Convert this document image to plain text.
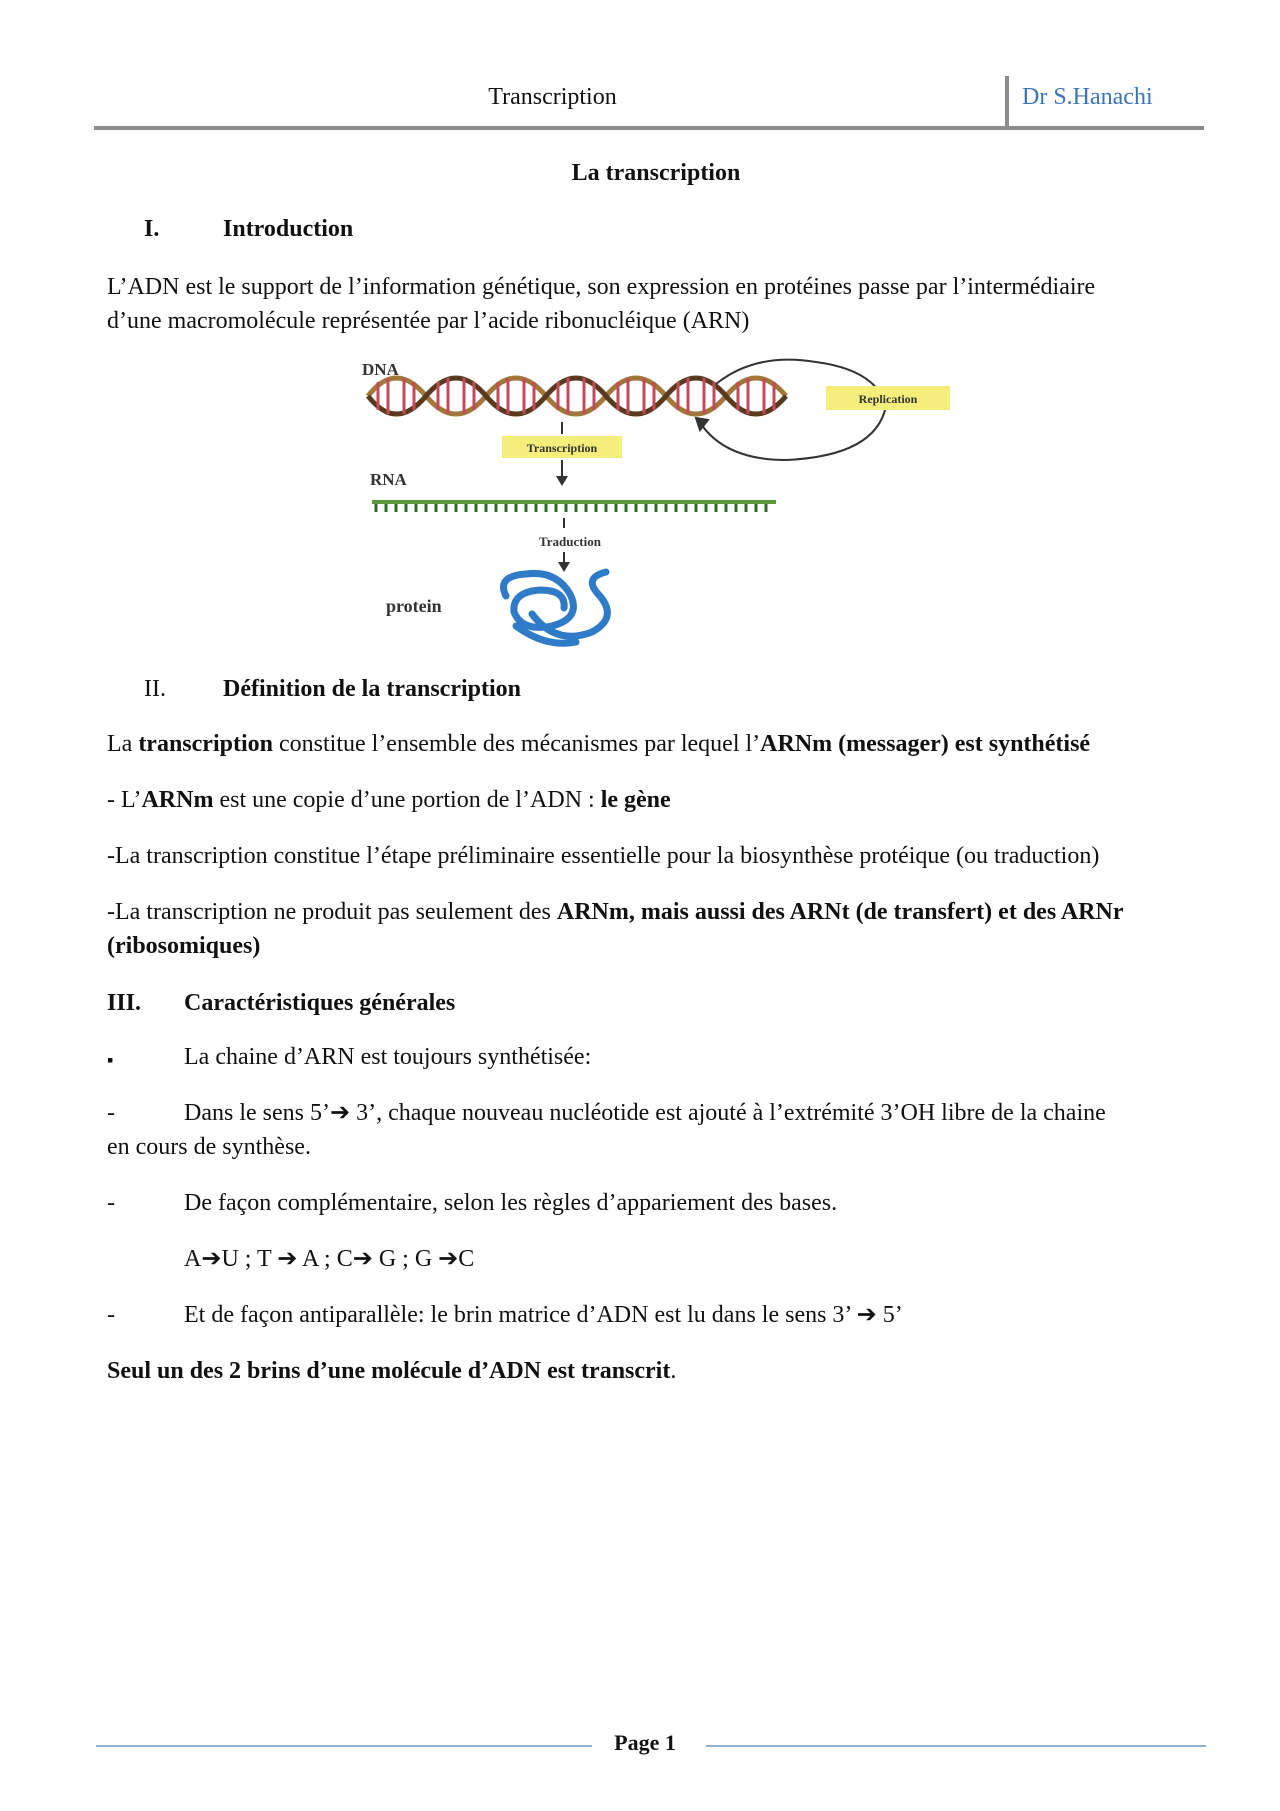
Transcription	Dr S.Hanachi
La transcription
I.	Introduction
L’ADN est le support de l’information génétique, son expression en protéines passe par l’intermédiaire
d’une macromolécule représentée par l’acide ribonucléique (ARN)
DNA
Replication
Transcription
RNA
Traduction
protein
II. Définition de la transcription
La transcription constitue l’ensemble des mécanismes par lequel l’ARNm (messager) est synthétisé
- L’ARNm est une copie d’une portion de l’ADN : le gène
-La transcription constitue l’étape préliminaire essentielle pour la biosynthèse protéique (ou traduction)
-La transcription ne produit pas seulement des ARNm, mais aussi des ARNt (de transfert) et des ARNr
(ribosomiques)
III. Caractéristiques générales
▪	La chaine d’ARN est toujours synthétisée:
-	Dans le sens 5’➔ 3’, chaque nouveau nucléotide est ajouté à l’extrémité 3’OH libre de la chaine
en cours de synthèse.
-	De façon complémentaire, selon les règles d’appariement des bases.
A➔U ; T ➔ A ; C➔ G ; G ➔C
-	Et de façon antiparallèle: le brin matrice d’ADN est lu dans le sens 3’ ➔ 5’
Seul un des 2 brins d’une molécule d’ADN est transcrit.
Page 1
